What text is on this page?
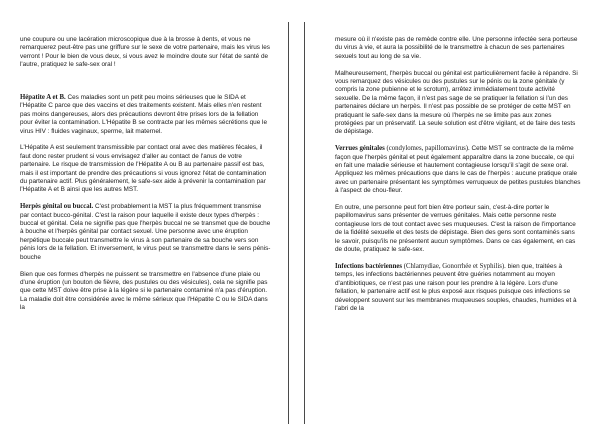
une coupure ou une lacération microscopique due à la brosse à dents, et vous ne remarquerez peut-être pas une griffure sur le sexe de votre partenaire, mais les virus les verront ! Pour le bien de vous deux, si vous avez le moindre doute sur l'état de santé de l'autre, pratiquez le safe-sex oral !

Hépatite A et B. Ces maladies sont un petit peu moins sérieuses que le SIDA et l'Hépatite C parce que des vaccins et des traitements existent. Mais elles n'en restent pas moins dangereuses, alors des précautions devront être prises lors de la fellation pour éviter la contamination. L'Hépatite B se contracte par les mêmes sécrétions que le virus HIV : fluides vaginaux, sperme, lait maternel.

L'Hépatite A est seulement transmissible par contact oral avec des matières fécales, il faut donc rester prudent si vous envisagez d'aller au contact de l'anus de votre partenaire. Le risque de transmission de l'Hépatite A ou B au partenaire passif est bas, mais il est important de prendre des précautions si vous ignorez l'état de contamination du partenaire actif. Plus généralement, le safe-sex aide à prévenir la contamination par l'Hépatite A et B ainsi que les autres MST.

Herpès génital ou buccal. C'est probablement la MST la plus fréquemment transmise par contact bucco-génital. C'est la raison pour laquelle il existe deux types d'herpès : buccal et génital. Cela ne signifie pas que l'herpès buccal ne se transmet que de bouche à bouche et l'herpès génital par contact sexuel. Une personne avec une éruption herpétique buccale peut transmettre le virus à son partenaire de sa bouche vers son pénis lors de la fellation. Et inversement, le virus peut se transmettre dans le sens pénis-bouche

Bien que ces formes d'herpès ne puissent se transmettre en l'absence d'une plaie ou d'une éruption (un bouton de fièvre, des pustules ou des vésicules), cela ne signifie pas que cette MST doive être prise à la légère si le partenaire contaminé n'a pas d'éruption. La maladie doit être considérée avec le même sérieux que l'Hépatite C ou le SIDA dans la

mesure où il n'existe pas de remède contre elle. Une personne infectée sera porteuse du virus à vie, et aura la possibilité de le transmettre à chacun de ses partenaires sexuels tout au long de sa vie.

Malheureusement, l'herpès buccal ou génital est particulièrement facile à répandre. Si vous remarquez des vésicules ou des pustules sur le pénis ou la zone génitale (y compris la zone pubienne et le scrotum), arrêtez immédiatement toute activité sexuelle. De la même façon, il n'est pas sage de se pratiquer la fellation si l'un des partenaires déclare un herpès. Il n'est pas possible de se protéger de cette MST en pratiquant le safe-sex dans la mesure où l'herpès ne se limite pas aux zones protégées par un préservatif. La seule solution est d'être vigilant, et de faire des tests de dépistage.

Verrues génitales (condylomes, papillomavirus). Cette MST se contracte de la même façon que l'herpès génital et peut également apparaître dans la zone buccale, ce qui en fait une maladie sérieuse et hautement contagieuse lorsqu'il s'agit de sexe oral. Appliquez les mêmes précautions que dans le cas de l'herpès : aucune pratique orale avec un partenaire présentant les symptômes verruqueux de petites pustules blanches à l'aspect de chou-fleur.

En outre, une personne peut fort bien être porteur sain, c'est-à-dire porter le papillomavirus sans présenter de verrues génitales. Mais cette personne reste contagieuse lors de tout contact avec ses muqueuses. C'est la raison de l'importance de la fidélité sexuelle et des tests de dépistage. Bien des gens sont contaminés sans le savoir, puisqu'ils ne présentent aucun symptômes. Dans ce cas également, en cas de doute, pratiquez le safe-sex.

Infections bactériennes (Chlamydiae, Gonorrhée et Syphilis). bien que, traitées à temps, les infections bactériennes peuvent être guéries notamment au moyen d'antibiotiques, ce n'est pas une raison pour les prendre à la légère. Lors d'une fellation, le partenaire actif est le plus exposé aux risques puisque ces infections se développent souvent sur les membranes muqueuses souples, chaudes, humides et à l'abri de la
